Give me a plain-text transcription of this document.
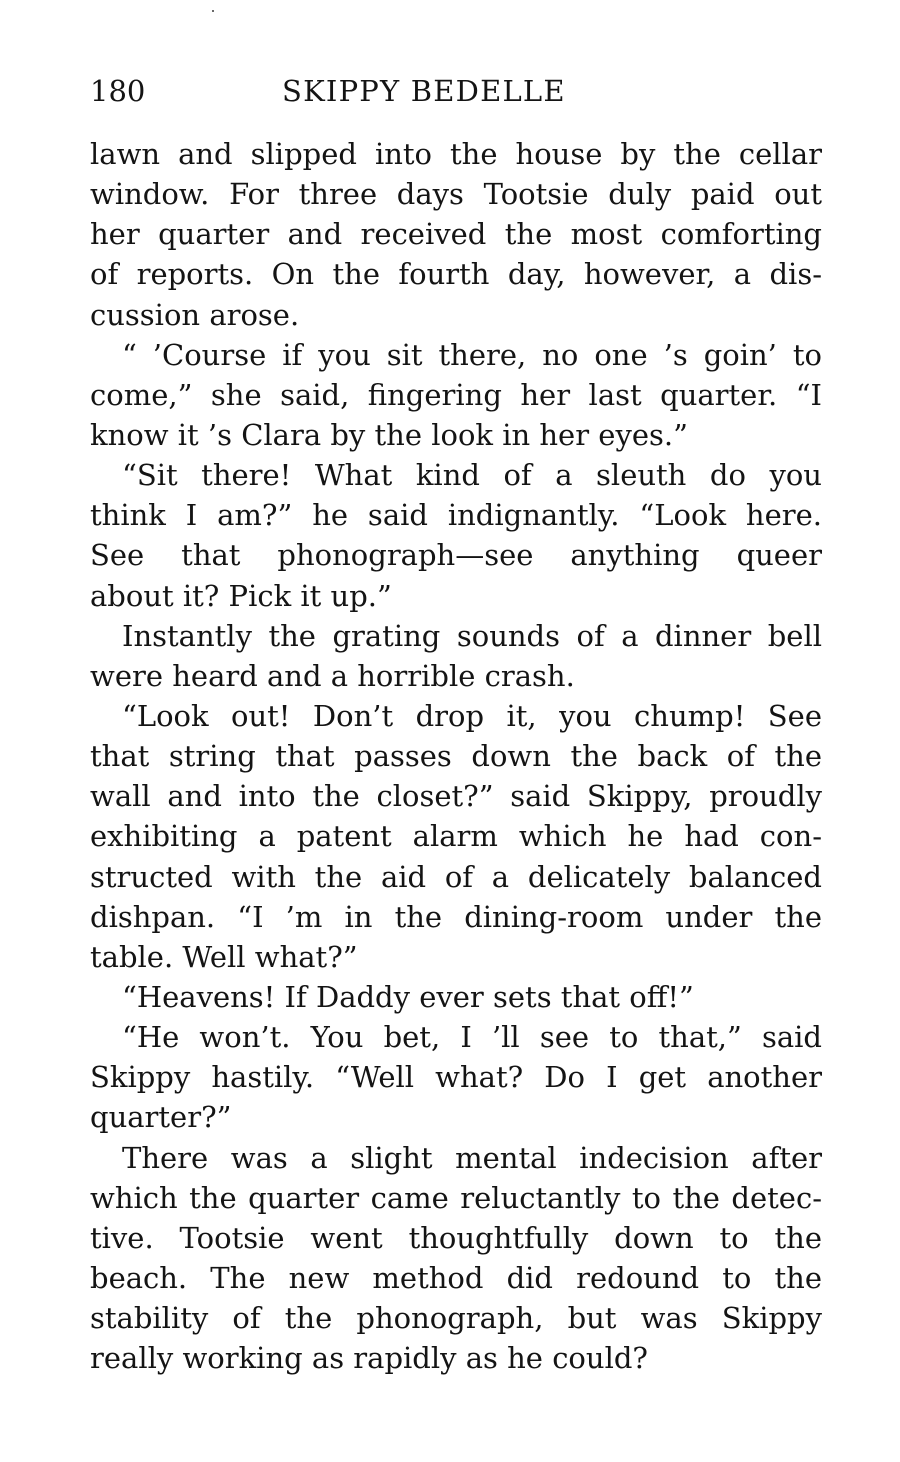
180	SKIPPY BEDELLE
lawn and slipped into the house by the cellar
window. For three days Tootsie duly paid out
her quarter and received the most comforting
of reports. On the fourth day, however, a dis-
cussion arose.
“ ’Course if you sit there, no one ’s goin’ to
come,” she said, fingering her last quarter. “I
know it ’s Clara by the look in her eyes.”
“Sit there! What kind of a sleuth do you
think I am?” he said indignantly. “Look here.
See that phonograph—see anything queer
about it? Pick it up.”
Instantly the grating sounds of a dinner bell
were heard and a horrible crash.
“Look out! Don’t drop it, you chump! See
that string that passes down the back of the
wall and into the closet?” said Skippy, proudly
exhibiting a patent alarm which he had con-
structed with the aid of a delicately balanced
dishpan. “I ’m in the dining-room under the
table. Well what?”
“Heavens! If Daddy ever sets that off!”
“He won’t. You bet, I ’ll see to that,” said
Skippy hastily. “Well what? Do I get another
quarter?”
There was a slight mental indecision after
which the quarter came reluctantly to the detec-
tive. Tootsie went thoughtfully down to the
beach. The new method did redound to the
stability of the phonograph, but was Skippy
really working as rapidly as he could?
